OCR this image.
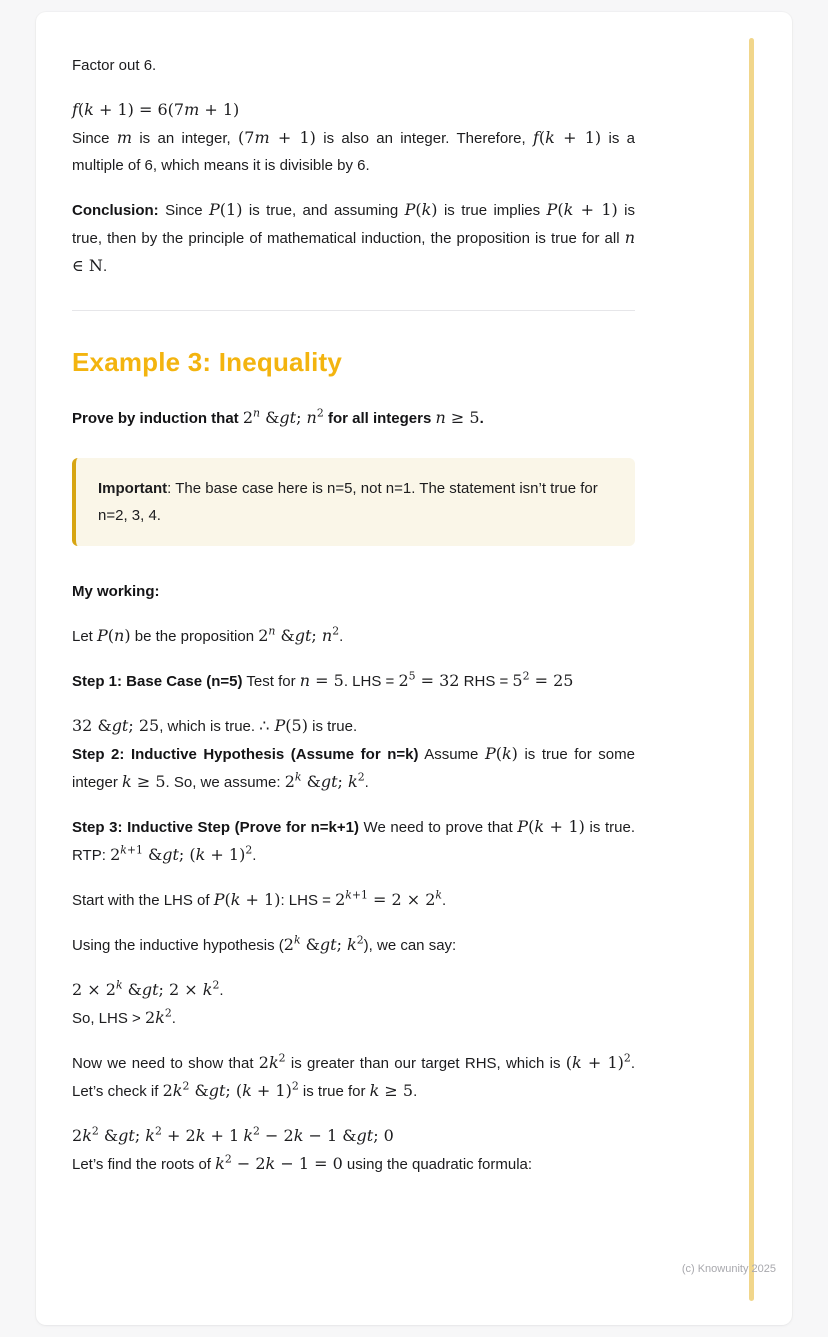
Factor out 6.
f(k + 1) = 6(7m + 1)
Since m is an integer, (7m + 1) is also an integer. Therefore, f(k + 1) is a multiple of 6, which means it is divisible by 6.
Conclusion: Since P(1) is true, and assuming P(k) is true implies P(k + 1) is true, then by the principle of mathematical induction, the proposition is true for all n ∈ N.
Example 3: Inequality
Prove by induction that 2$^n$ &gt; $n^2$ for all integers n ≥ 5.
Important: The base case here is n=5, not n=1. The statement isn’t true for n=2, 3, 4.
My working:
Let P(n) be the proposition 2$^n$ &gt; $n^2$.
Step 1: Base Case (n=5) Test for n = 5. LHS = $2^5 = 32$ RHS = $5^2 = 25$
32 &gt; 25, which is true. ∴ P(5) is true.
Step 2: Inductive Hypothesis (Assume for n=k) Assume P(k) is true for some integer k ≥ 5. So, we assume: 2$^k$ &gt; $k^2$.
Step 3: Inductive Step (Prove for n=k+1) We need to prove that P(k + 1) is true. RTP: $2^{k+1}$ &gt; $(k + 1)^2$.
Start with the LHS of P(k + 1): LHS = $2^{k+1} = 2 \times 2^k$.
Using the inductive hypothesis (2$^k$ &gt; $k^2$), we can say:
$2 \times 2^k$ &gt; $2 \times k^2$.
So, LHS > $2k^2$.
Now we need to show that $2k^2$ is greater than our target RHS, which is $(k + 1)^2$. Let’s check if $2k^2$ &gt; $(k + 1)^2$ is true for k ≥ 5.
$2k^2$ &gt; $k^2 + 2k + 1$ $k^2 - 2k - 1$ &gt; 0
Let’s find the roots of $k^2 - 2k - 1 = 0$ using the quadratic formula:
(c) Knowunity 2025
